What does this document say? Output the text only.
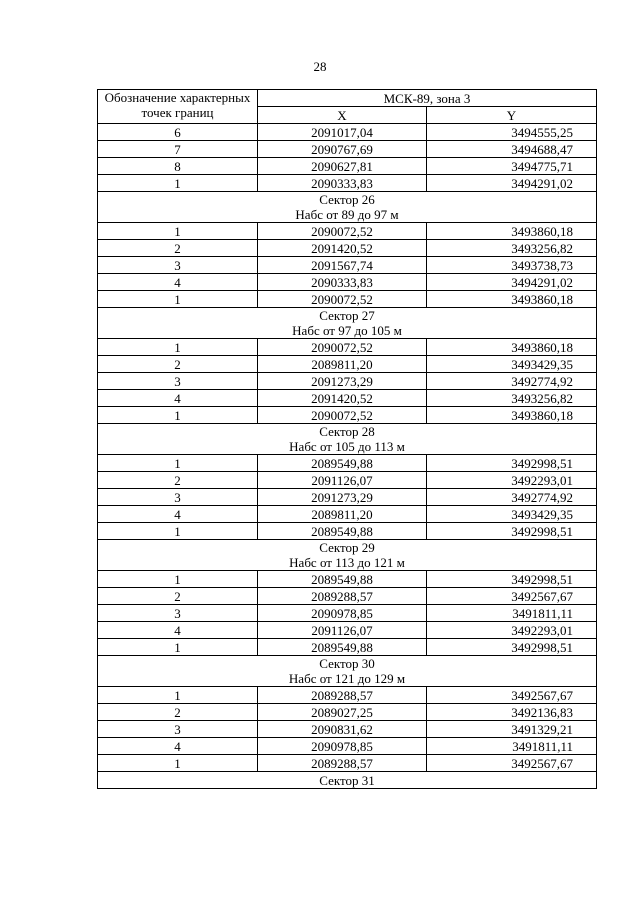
28
Обозначение характерных точек границ	МСК-89, зона 3	
	X	Y
6	2091017,04	3494555,25
7	2090767,69	3494688,47
8	2090627,81	3494775,71
1	2090333,83	3494291,02

Сектор 26
Набс от 89 до 97 м		

1	2090072,52	3493860,18
2	2091420,52	3493256,82
3	2091567,74	3493738,73
4	2090333,83	3494291,02
1	2090072,52	3493860,18

Сектор 27
Набс от 97 до 105 м		

1	2090072,52	3493860,18
2	2089811,20	3493429,35
3	2091273,29	3492774,92
4	2091420,52	3493256,82
1	2090072,52	3493860,18

Сектор 28
Набс от 105 до 113 м		

1	2089549,88	3492998,51
2	2091126,07	3492293,01
3	2091273,29	3492774,92
4	2089811,20	3493429,35
1	2089549,88	3492998,51

Сектор 29
Набс от 113 до 121 м		

1	2089549,88	3492998,51
2	2089288,57	3492567,67
3	2090978,85	3491811,11
4	2091126,07	3492293,01
1	2089549,88	3492998,51

Сектор 30
Набс от 121 до 129 м		

1	2089288,57	3492567,67
2	2089027,25	3492136,83
3	2090831,62	3491329,21
4	2090978,85	3491811,11
1	2089288,57	3492567,67

Сектор 31		
